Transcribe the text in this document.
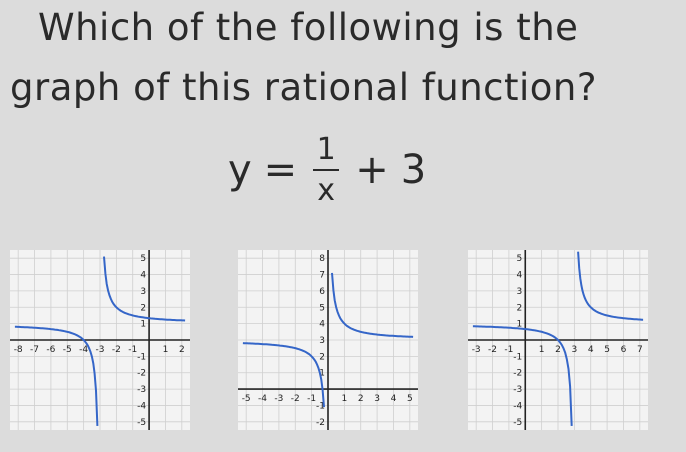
Which of the following is the
graph of this rational function?
$y = \frac{1}{x} + 3$
-8 -7 -6 -5 -4 -3 -2 -1	1 2
5
4
3
2
1
-1
-2
-3
-4
-5
-5 -4 -3 -2 -1	1 2 3 4 5
8
7
6
5
4
3
2
1
-1
-2
-3 -2 -1	1 2 3 4 5 6 7
5
4
3
2
1
-1
-2
-3
-4
-5
